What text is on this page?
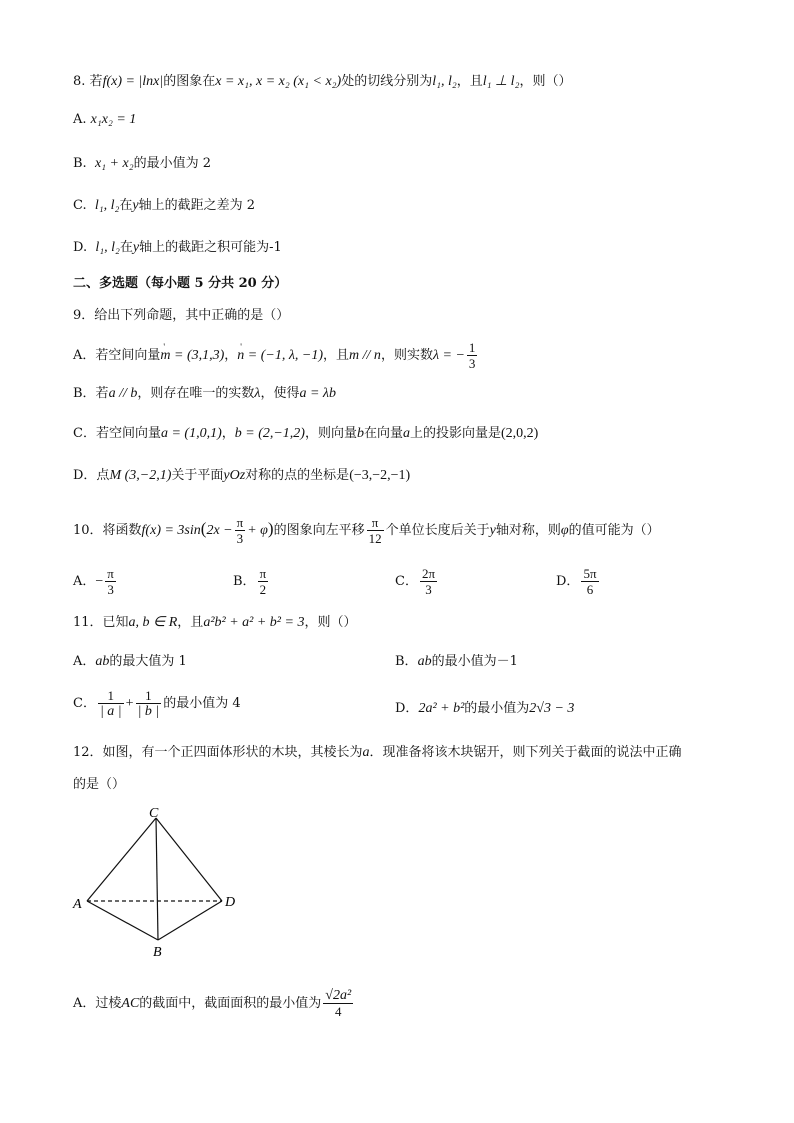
8. 若f(x) = |lnx|的图象在x = x₁, x = x₂ (x₁ < x₂)处的切线分别为l₁, l₂，且l₁ ⊥ l₂，则（）
A. x₁x₂ = 1
B. x₁ + x₂的最小值为 2
C. l₁, l₂在y轴上的截距之差为 2
D. l₁, l₂在y轴上的截距之积可能为-1
二、多选题（每小题 5 分共 20 分）
9．给出下列命题，其中正确的是（）
A．若空间向量' m = (3,1,3)，' n = (−1, λ, −1)，且m // n，则实数λ = − $\frac{1}{3}$
B．若a // b，则存在唯一的实数λ，使得a = λb
C．若空间向量a = (1,0,1)，b = (2,−1,2)，则向量b在向量a上的投影向量是(2,0,2)
D．点M (3,−2,1)关于平面yOz对称的点的坐标是(−3,−2,−1)
10．将函数$f(x) = 3\sin(2x - \frac{\pi}{3} + \varphi)$的图象向左平移 $\frac{\pi}{12}$ 个单位长度后关于y轴对称，则φ的值可能为（）
A．− $\frac{\pi}{3}$	B． $\frac{\pi}{2}$	C． $\frac{2\pi}{3}$	D． $\frac{5\pi}{6}$
11．已知a, b ∈ R，且a²b² + a² + b² = 3，则（）
A．ab的最大值为 1	B．ab的最小值为－1
C． $\frac{1}{| a |} + \frac{1}{| b |}$ 的最小值为 4	D．2a² + b²的最小值为2√3 − 3
12．如图，有一个正四面体形状的木块，其棱长为a．现准备将该木块锯开，则下列关于截面的说法中正确
的是（）
C
A	D
B
A．过棱AC的截面中，截面面积的最小值为 $\frac{\text{√2a²}}{4}$
